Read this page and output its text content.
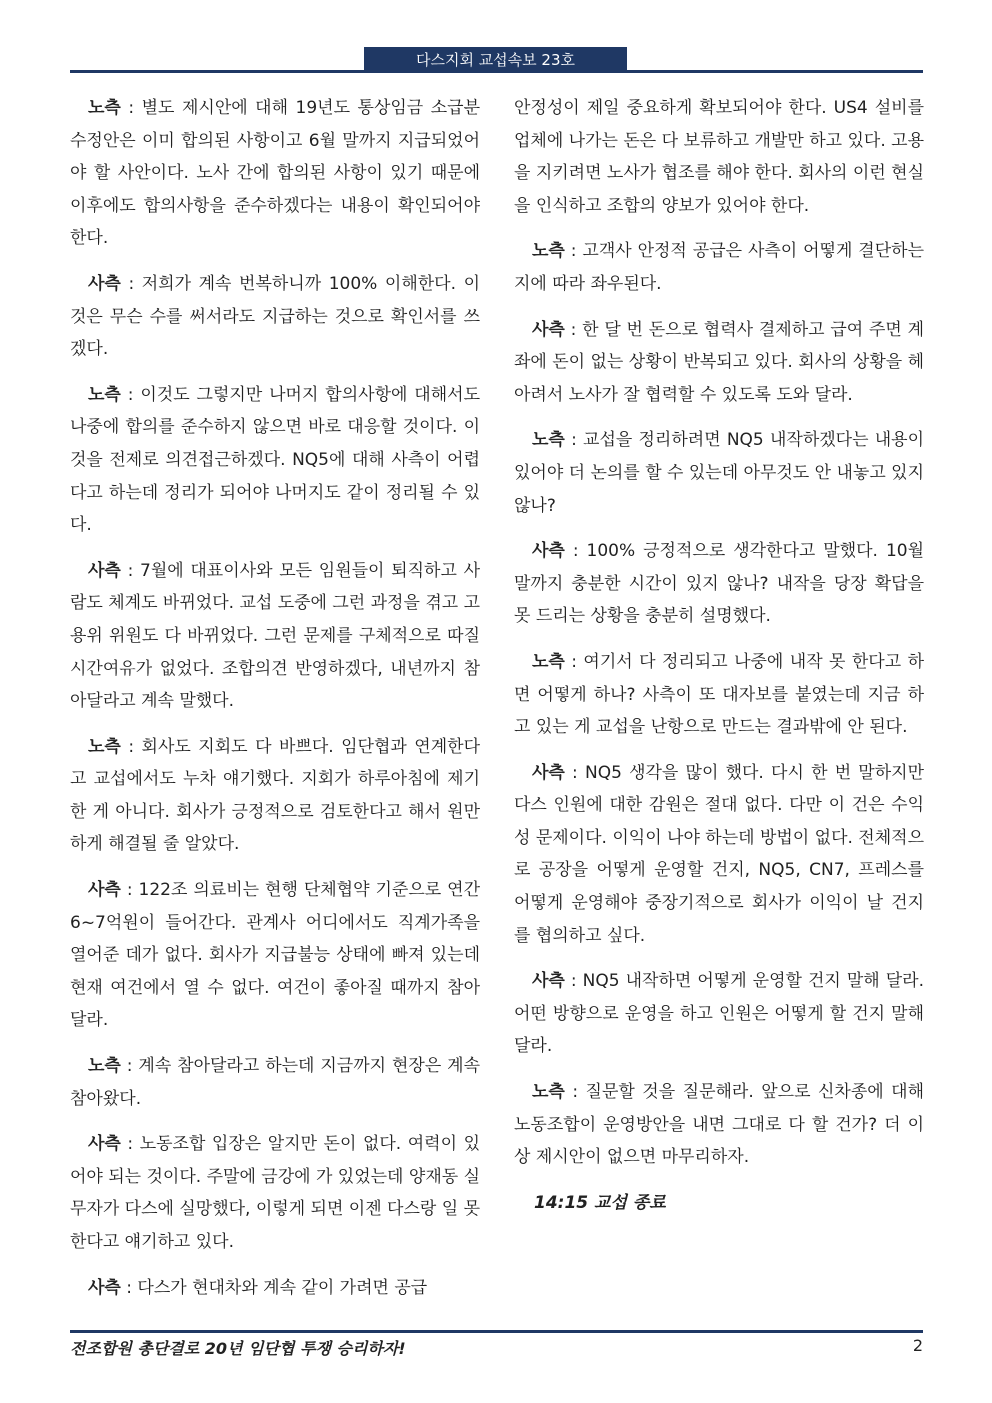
다스지회 교섭속보 23호

노측 : 별도 제시안에 대해 19년도 통상임금 소급분 수정안은 이미 합의된 사항이고 6월 말까지 지급되었어야 할 사안이다. 노사 간에 합의된 사항이 있기 때문에 이후에도 합의사항을 준수하겠다는 내용이 확인되어야 한다.

사측 : 저희가 계속 번복하니까 100% 이해한다. 이것은 무슨 수를 써서라도 지급하는 것으로 확인서를 쓰겠다.

노측 : 이것도 그렇지만 나머지 합의사항에 대해서도 나중에 합의를 준수하지 않으면 바로 대응할 것이다. 이것을 전제로 의견접근하겠다. NQ5에 대해 사측이 어렵다고 하는데 정리가 되어야 나머지도 같이 정리될 수 있다.

사측 : 7월에 대표이사와 모든 임원들이 퇴직하고 사람도 체계도 바뀌었다. 교섭 도중에 그런 과정을 겪고 고용위 위원도 다 바뀌었다. 그런 문제를 구체적으로 따질 시간여유가 없었다. 조합의견 반영하겠다, 내년까지 참아달라고 계속 말했다.

노측 : 회사도 지회도 다 바쁘다. 임단협과 연계한다고 교섭에서도 누차 얘기했다. 지회가 하루아침에 제기한 게 아니다. 회사가 긍정적으로 검토한다고 해서 원만하게 해결될 줄 알았다.

사측 : 122조 의료비는 현행 단체협약 기준으로 연간 6~7억원이 들어간다. 관계사 어디에서도 직계가족을 열어준 데가 없다. 회사가 지급불능 상태에 빠져 있는데 현재 여건에서 열 수 없다. 여건이 좋아질 때까지 참아 달라.

노측 : 계속 참아달라고 하는데 지금까지 현장은 계속 참아왔다.

사측 : 노동조합 입장은 알지만 돈이 없다. 여력이 있어야 되는 것이다. 주말에 금강에 가 있었는데 양재동 실무자가 다스에 실망했다, 이렇게 되면 이젠 다스랑 일 못한다고 얘기하고 있다.

사측 : 다스가 현대차와 계속 같이 가려면 공급

안정성이 제일 중요하게 확보되어야 한다. US4 설비를 업체에 나가는 돈은 다 보류하고 개발만 하고 있다. 고용을 지키려면 노사가 협조를 해야 한다. 회사의 이런 현실을 인식하고 조합의 양보가 있어야 한다.

노측 : 고객사 안정적 공급은 사측이 어떻게 결단하는지에 따라 좌우된다.

사측 : 한 달 번 돈으로 협력사 결제하고 급여 주면 계좌에 돈이 없는 상황이 반복되고 있다. 회사의 상황을 헤아려서 노사가 잘 협력할 수 있도록 도와 달라.

노측 : 교섭을 정리하려면 NQ5 내작하겠다는 내용이 있어야 더 논의를 할 수 있는데 아무것도 안 내놓고 있지 않나?

사측 : 100% 긍정적으로 생각한다고 말했다. 10월 말까지 충분한 시간이 있지 않나? 내작을 당장 확답을 못 드리는 상황을 충분히 설명했다.

노측 : 여기서 다 정리되고 나중에 내작 못 한다고 하면 어떻게 하나? 사측이 또 대자보를 붙였는데 지금 하고 있는 게 교섭을 난항으로 만드는 결과밖에 안 된다.

사측 : NQ5 생각을 많이 했다. 다시 한 번 말하지만 다스 인원에 대한 감원은 절대 없다. 다만 이 건은 수익성 문제이다. 이익이 나야 하는데 방법이 없다. 전체적으로 공장을 어떻게 운영할 건지, NQ5, CN7, 프레스를 어떻게 운영해야 중장기적으로 회사가 이익이 날 건지를 협의하고 싶다.

사측 : NQ5 내작하면 어떻게 운영할 건지 말해 달라. 어떤 방향으로 운영을 하고 인원은 어떻게 할 건지 말해 달라.

노측 : 질문할 것을 질문해라. 앞으로 신차종에 대해 노동조합이 운영방안을 내면 그대로 다 할 건가? 더 이상 제시안이 없으면 마무리하자.

14:15 교섭 종료

전조합원 총단결로 20년 임단협 투쟁 승리하자!	2
